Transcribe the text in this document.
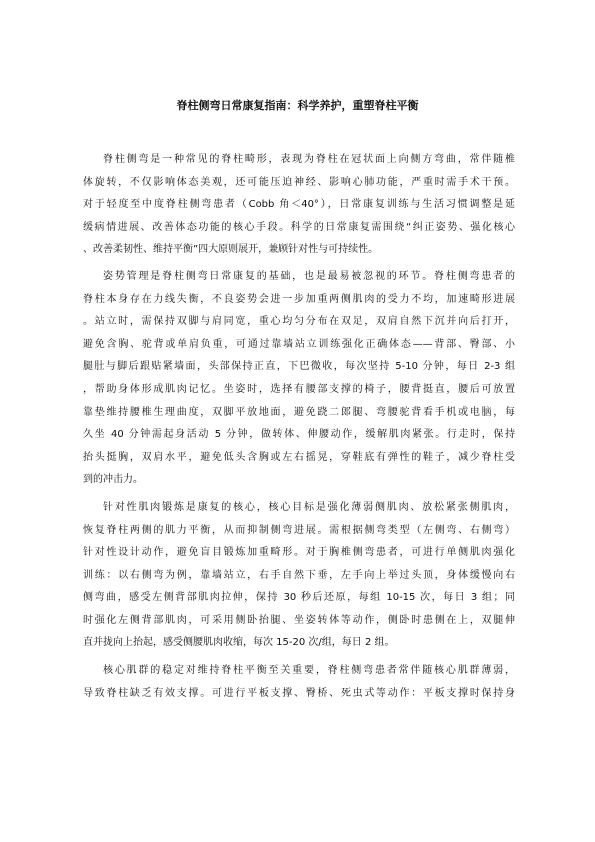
脊柱侧弯日常康复指南：科学养护，重塑脊柱平衡

脊柱侧弯是一种常见的脊柱畸形，表现为脊柱在冠状面上向侧方弯曲，常伴随椎
体旋转，不仅影响体态美观，还可能压迫神经、影响心肺功能，严重时需手术干预。
对于轻度至中度脊柱侧弯患者（Cobb 角＜40°），日常康复训练与生活习惯调整是延
缓病情进展、改善体态功能的核心手段。科学的日常康复需围绕“纠正姿势、强化核心
、改善柔韧性、维持平衡”四大原则展开，兼顾针对性与可持续性。

姿势管理是脊柱侧弯日常康复的基础，也是最易被忽视的环节。脊柱侧弯患者的
脊柱本身存在力线失衡，不良姿势会进一步加重两侧肌肉的受力不均，加速畸形进展
。站立时，需保持双脚与肩同宽，重心均匀分布在双足，双肩自然下沉并向后打开，
避免含胸、驼背或单肩负重，可通过靠墙站立训练强化正确体态——背部、臀部、小
腿肚与脚后跟贴紧墙面，头部保持正直，下巴微收，每次坚持 5-10 分钟，每日 2-3 组
，帮助身体形成肌肉记忆。坐姿时，选择有腰部支撑的椅子，腰背挺直，腰后可放置
靠垫维持腰椎生理曲度，双脚平放地面，避免跷二郎腿、弯腰驼背看手机或电脑，每
久坐 40 分钟需起身活动 5 分钟，做转体、伸腰动作，缓解肌肉紧张。行走时，保持
抬头挺胸，双肩水平，避免低头含胸或左右摇晃，穿鞋底有弹性的鞋子，减少脊柱受
到的冲击力。

针对性肌肉锻炼是康复的核心，核心目标是强化薄弱侧肌肉、放松紧张侧肌肉，
恢复脊柱两侧的肌力平衡，从而抑制侧弯进展。需根据侧弯类型（左侧弯、右侧弯）
针对性设计动作，避免盲目锻炼加重畸形。对于胸椎侧弯患者，可进行单侧肌肉强化
训练：以右侧弯为例，靠墙站立，右手自然下垂，左手向上举过头顶，身体缓慢向右
侧弯曲，感受左侧背部肌肉拉伸，保持 30 秒后还原，每组 10-15 次，每日 3 组；同
时强化左侧背部肌肉，可采用侧卧抬腿、坐姿转体等动作，侧卧时患侧在上，双腿伸
直并拢向上抬起，感受侧腰肌肉收缩，每次 15-20 次/组，每日 2 组。

核心肌群的稳定对维持脊柱平衡至关重要，脊柱侧弯患者常伴随核心肌群薄弱，
导致脊柱缺乏有效支撑。可进行平板支撑、臀桥、死虫式等动作：平板支撑时保持身
